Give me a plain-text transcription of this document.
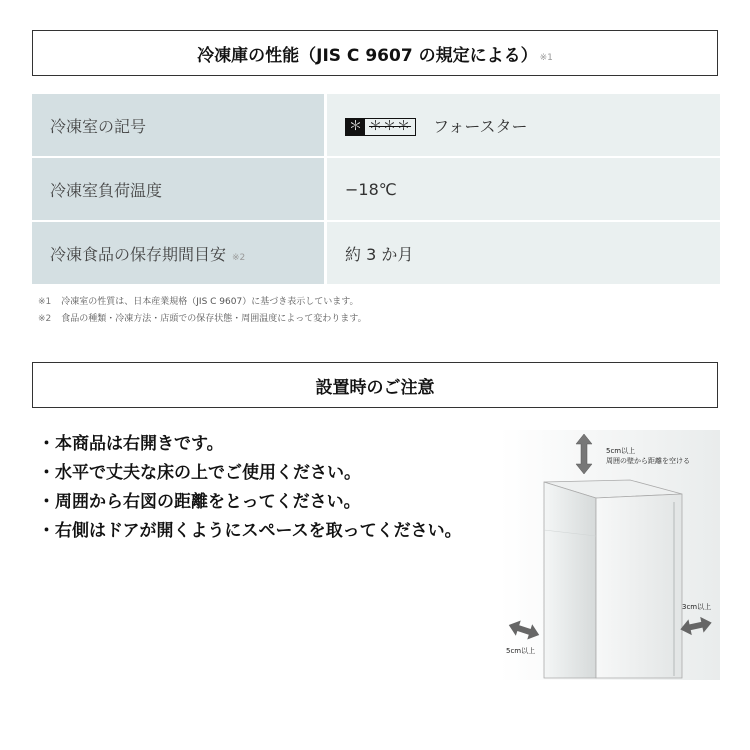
冷凍庫の性能（JIS C 9607 の規定による） ※1
冷凍室の記号	＊ ＊＊＊ フォースター
冷凍室負荷温度	−18℃
冷凍食品の保存期間目安 ※2	約 3 か月
※1 冷凍室の性質は、日本産業規格（JIS C 9607）に基づき表示しています。
※2 食品の種類・冷凍方法・店頭での保存状態・周囲温度によって変わります。
設置時のご注意
・本商品は右開きです。
・水平で丈夫な床の上でご使用ください。
・周囲から右図の距離をとってください。
・右側はドアが開くようにスペースを取ってください。
5cm以上
周囲の壁から距離を空ける
3cm以上
5cm以上
